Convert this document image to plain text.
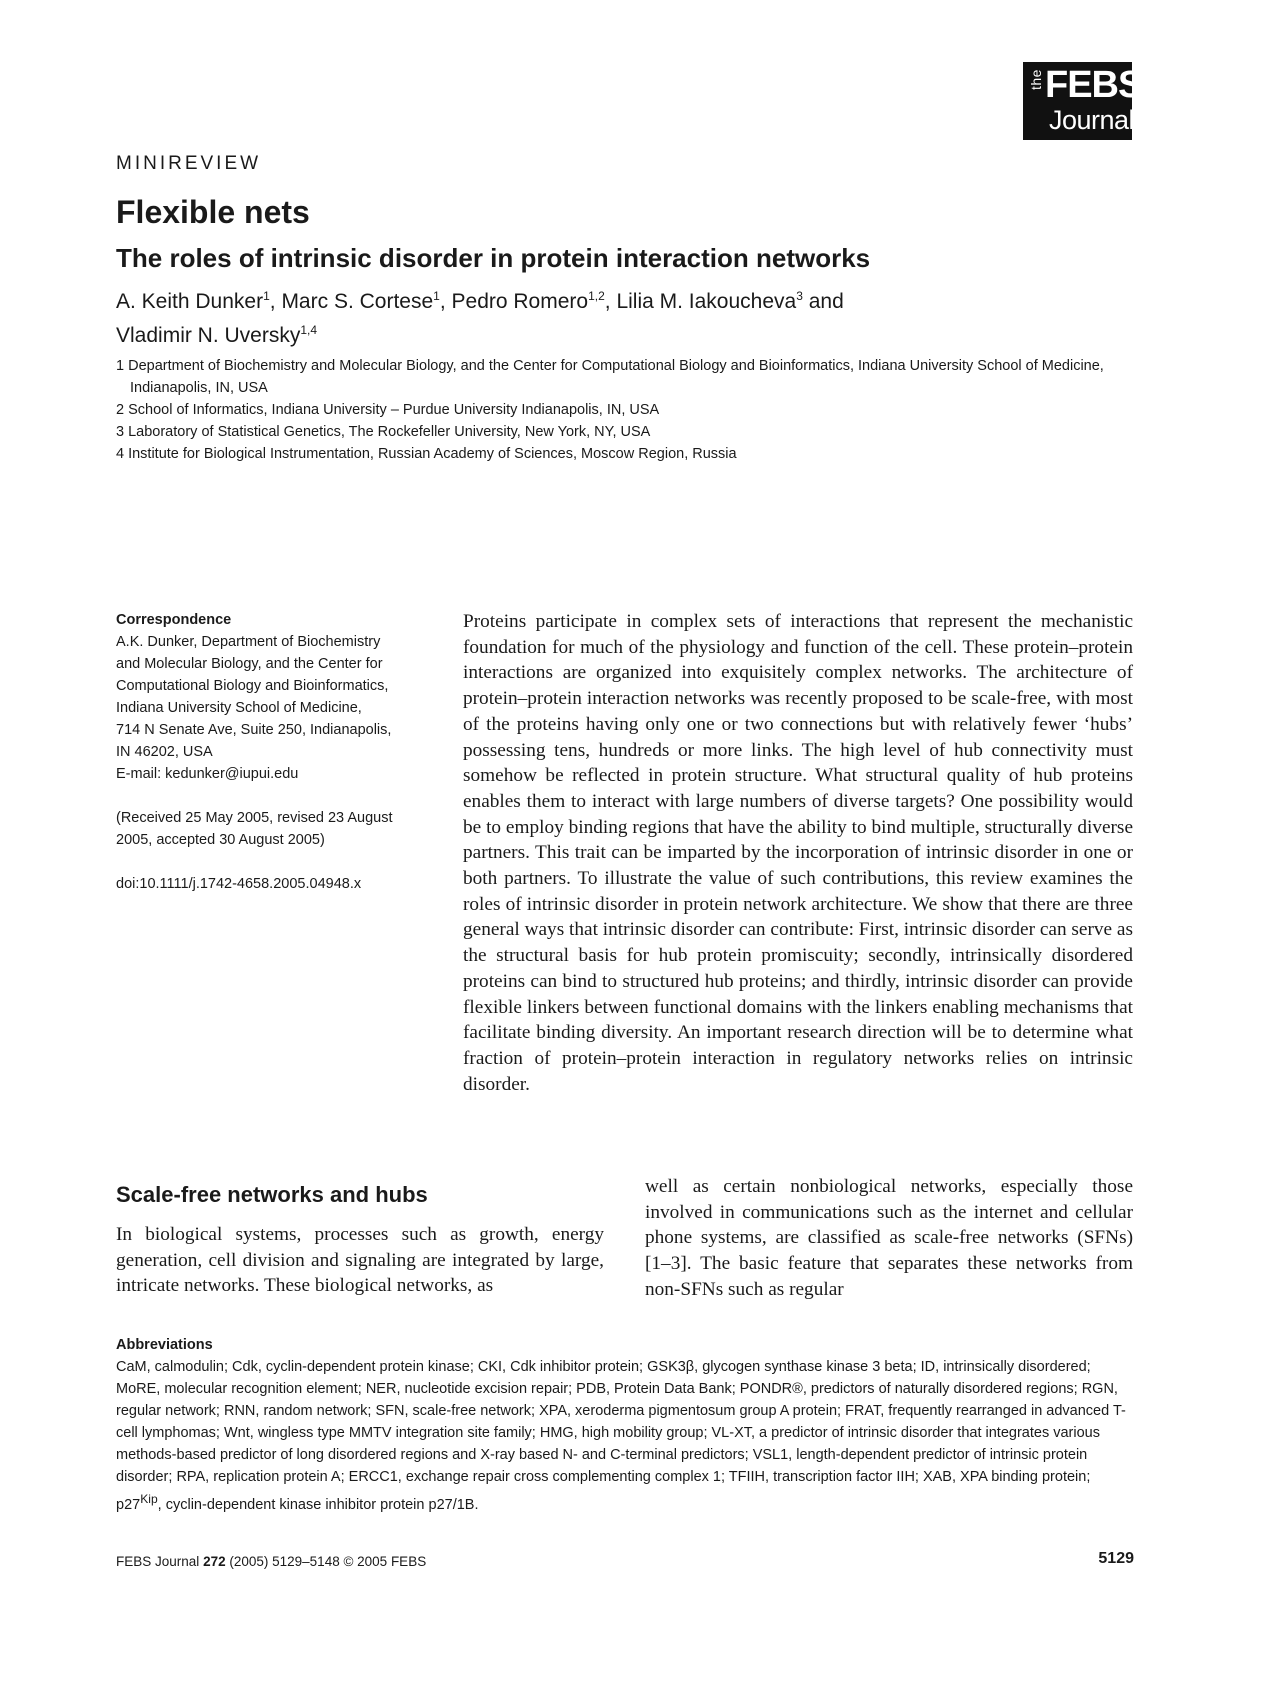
the FEBS
Journal
MINIREVIEW
Flexible nets
The roles of intrinsic disorder in protein interaction networks
A. Keith Dunker$^1$, Marc S. Cortese$^1$, Pedro Romero$^{1,2}$, Lilia M. Iakoucheva$^3$ and
Vladimir N. Uversky$^{1,4}$
1 Department of Biochemistry and Molecular Biology, and the Center for Computational Biology and Bioinformatics, Indiana University School of Medicine, Indianapolis, IN, USA
2 School of Informatics, Indiana University – Purdue University Indianapolis, IN, USA
3 Laboratory of Statistical Genetics, The Rockefeller University, New York, NY, USA
4 Institute for Biological Instrumentation, Russian Academy of Sciences, Moscow Region, Russia
Correspondence
A.K. Dunker, Department of Biochemistry
and Molecular Biology, and the Center for
Computational Biology and Bioinformatics,
Indiana University School of Medicine,
714 N Senate Ave, Suite 250, Indianapolis,
IN 46202, USA
E-mail: kedunker@iupui.edu
(Received 25 May 2005, revised 23 August
2005, accepted 30 August 2005)
doi:10.1111/j.1742-4658.2005.04948.x
Proteins participate in complex sets of interactions that represent the mechanistic foundation for much of the physiology and function of the cell. These protein–protein interactions are organized into exquisitely complex networks. The architecture of protein–protein interaction networks was recently proposed to be scale-free, with most of the proteins having only one or two connections but with relatively fewer ‘hubs’ possessing tens, hundreds or more links. The high level of hub connectivity must somehow be reflected in protein structure. What structural quality of hub proteins enables them to interact with large numbers of diverse targets? One possibility would be to employ binding regions that have the ability to bind multiple, structurally diverse partners. This trait can be imparted by the incorporation of intrinsic disorder in one or both partners. To illustrate the value of such contributions, this review examines the roles of intrinsic disorder in protein network architecture. We show that there are three general ways that intrinsic disorder can contribute: First, intrinsic disorder can serve as the structural basis for hub protein promiscuity; secondly, intrinsically disordered proteins can bind to structured hub proteins; and thirdly, intrinsic disorder can provide flexible linkers between functional domains with the linkers enabling mechanisms that facilitate binding diversity. An important research direction will be to determine what fraction of protein–protein interaction in regulatory networks relies on intrinsic disorder.
Scale-free networks and hubs
In biological systems, processes such as growth, energy generation, cell division and signaling are integrated by large, intricate networks. These biological networks, as
well as certain nonbiological networks, especially those involved in communications such as the internet and cellular phone systems, are classified as scale-free networks (SFNs) [1–3]. The basic feature that separates these networks from non-SFNs such as regular
Abbreviations
CaM, calmodulin; Cdk, cyclin-dependent protein kinase; CKI, Cdk inhibitor protein; GSK3β, glycogen synthase kinase 3 beta; ID, intrinsically disordered; MoRE, molecular recognition element; NER, nucleotide excision repair; PDB, Protein Data Bank; PONDR®, predictors of naturally disordered regions; RGN, regular network; RNN, random network; SFN, scale-free network; XPA, xeroderma pigmentosum group A protein; FRAT, frequently rearranged in advanced T-cell lymphomas; Wnt, wingless type MMTV integration site family; HMG, high mobility group; VL-XT, a predictor of intrinsic disorder that integrates various methods-based predictor of long disordered regions and X-ray based N- and C-terminal predictors; VSL1, length-dependent predictor of intrinsic protein disorder; RPA, replication protein A; ERCC1, exchange repair cross complementing complex 1; TFIIH, transcription factor IIH; XAB, XPA binding protein; $p27^{Kip}$, cyclin-dependent kinase inhibitor protein p27/1B.
FEBS Journal 272 (2005) 5129–5148 © 2005 FEBS	5129
